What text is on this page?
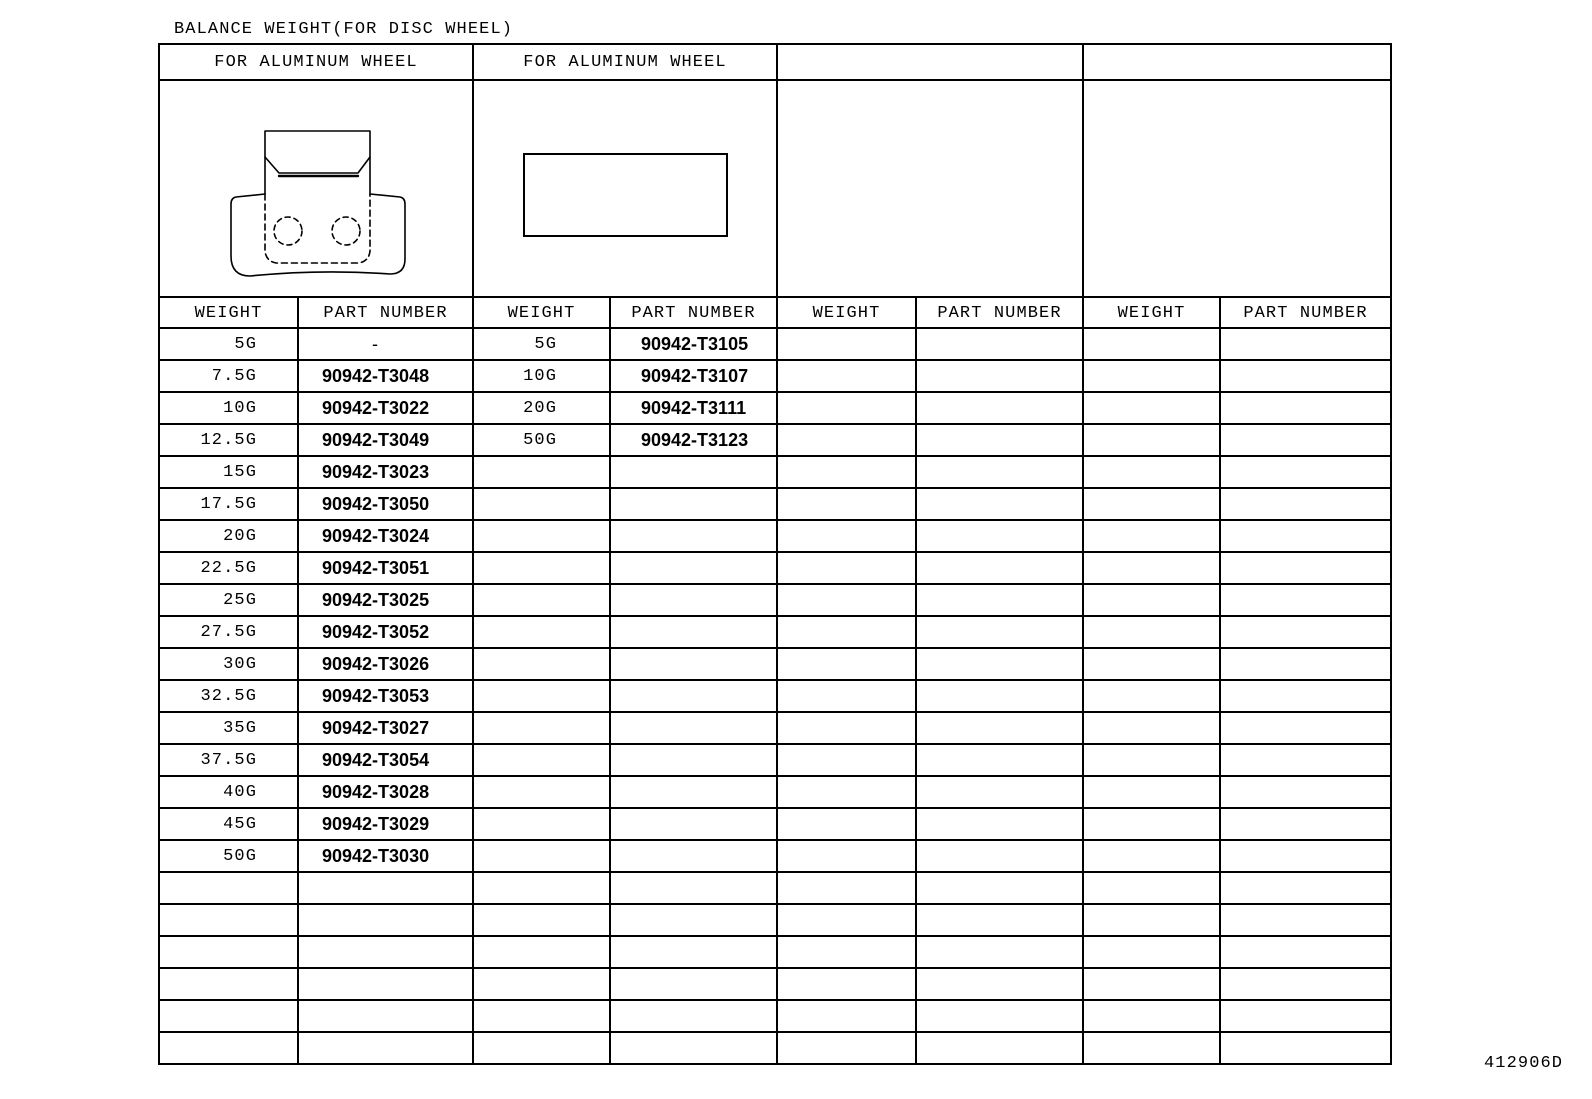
BALANCE WEIGHT(FOR DISC WHEEL)
FOR ALUMINUM WHEEL		FOR ALUMINUM WHEEL					

WEIGHT	PART NUMBER	WEIGHT	PART NUMBER	WEIGHT	PART NUMBER	WEIGHT	PART NUMBER
5G	-	5G	90942-T3105				
7.5G	90942-T3048	10G	90942-T3107				
10G	90942-T3022	20G	90942-T3111				
12.5G	90942-T3049	50G	90942-T3123				
15G	90942-T3023						
17.5G	90942-T3050						
20G	90942-T3024						
22.5G	90942-T3051						
25G	90942-T3025						
27.5G	90942-T3052						
30G	90942-T3026						
32.5G	90942-T3053						
35G	90942-T3027						
37.5G	90942-T3054						
40G	90942-T3028						
45G	90942-T3029						
50G	90942-T3030						

412906D
